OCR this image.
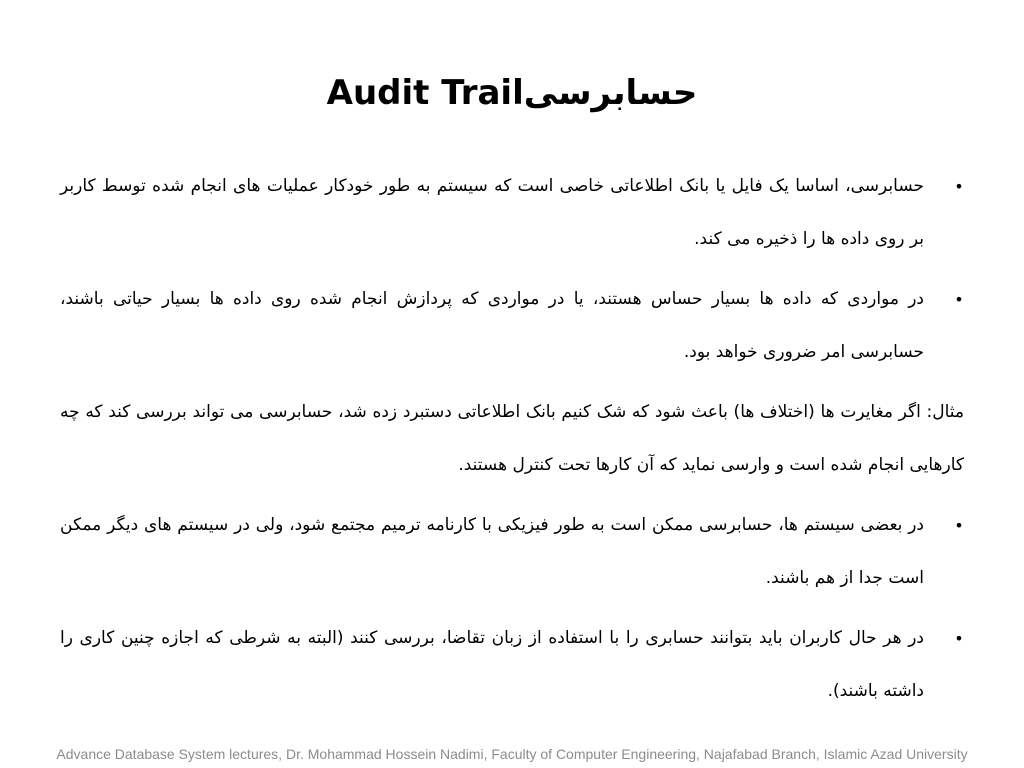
Audit Trailحسابرسی
•
حسابرسی، اساسا یک فایل یا بانک اطلاعاتی خاصی است که سیستم به طور خودکار عملیات های انجام شده توسط کاربر بر روی داده ها را ذخیره می کند.
•
در مواردی که داده ها بسیار حساس هستند، یا در مواردی که پردازش انجام شده روی داده ها بسیار حیاتی باشند، حسابرسی امر ضروری خواهد بود.
مثال: اگر مغایرت ها (اختلاف ها) باعث شود که شک کنیم بانک اطلاعاتی دستبرد زده شد، حسابرسی می تواند بررسی کند که چه کارهایی انجام شده است و وارسی نماید که آن کارها تحت کنترل هستند.
•
در بعضی سیستم ها، حسابرسی ممکن است به طور فیزیکی با کارنامه ترمیم مجتمع شود، ولی در سیستم های دیگر ممکن است جدا از هم باشند.
•
در هر حال کاربران باید بتوانند حسابری را با استفاده از زبان تقاضا، بررسی کنند (البته به شرطی که اجازه چنین کاری را داشته باشند).
Advance Database System lectures, Dr. Mohammad Hossein Nadimi, Faculty of Computer Engineering, Najafabad Branch, Islamic Azad University
